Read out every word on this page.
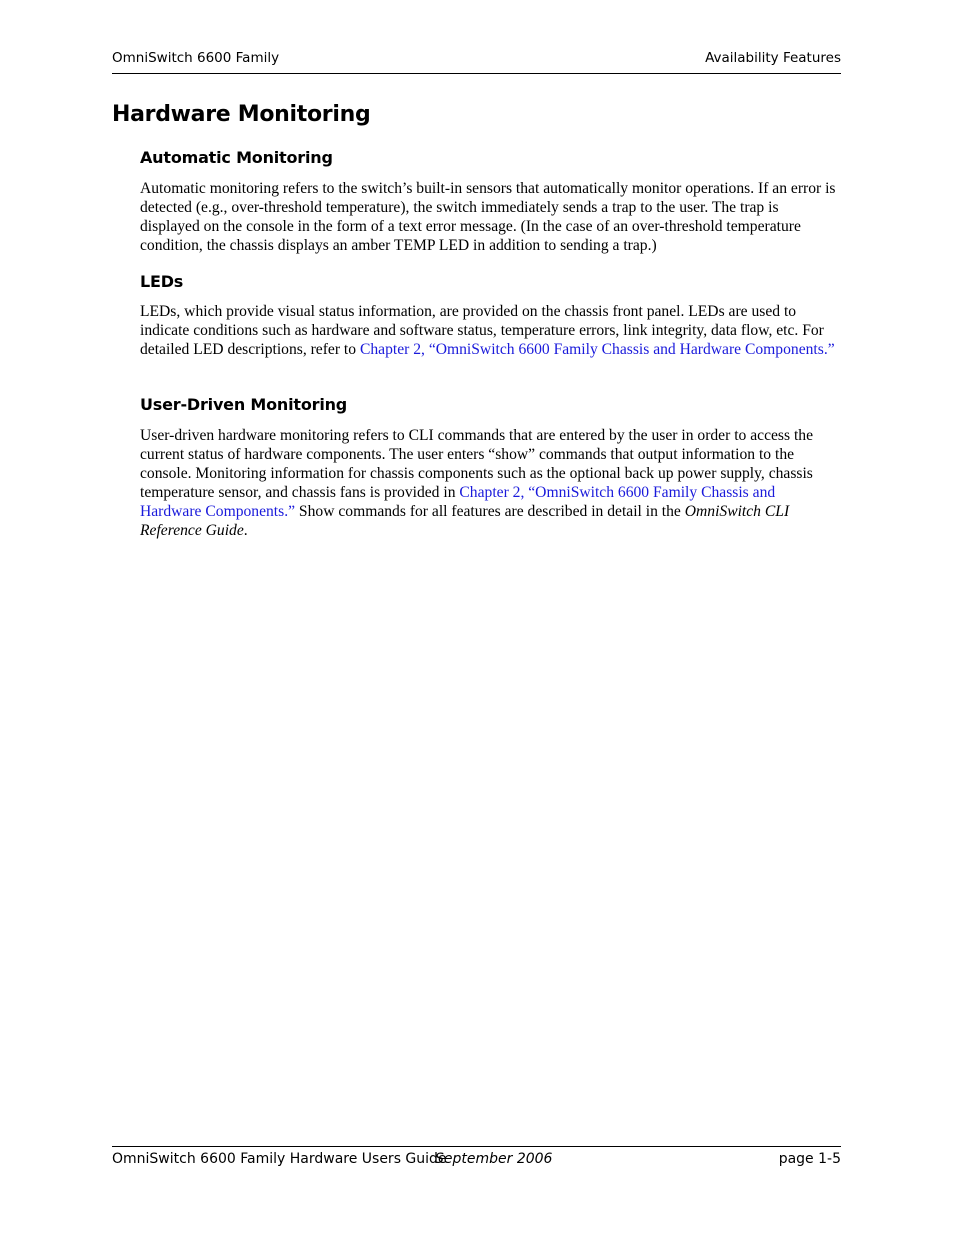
OmniSwitch 6600 Family	Availability Features
Hardware Monitoring
Automatic Monitoring

Automatic monitoring refers to the switch’s built-in sensors that automatically monitor operations. If an error is detected (e.g., over-threshold temperature), the switch immediately sends a trap to the user. The trap is displayed on the console in the form of a text error message. (In the case of an over-threshold temperature condition, the chassis displays an amber TEMP LED in addition to sending a trap.)

LEDs

LEDs, which provide visual status information, are provided on the chassis front panel. LEDs are used to indicate conditions such as hardware and software status, temperature errors, link integrity, data flow, etc. For detailed LED descriptions, refer to Chapter 2, “OmniSwitch 6600 Family Chassis and Hardware Components.”

User-Driven Monitoring

User-driven hardware monitoring refers to CLI commands that are entered by the user in order to access the current status of hardware components. The user enters “show” commands that output information to the console. Monitoring information for chassis components such as the optional back up power supply, chassis temperature sensor, and chassis fans is provided in Chapter 2, “OmniSwitch 6600 Family Chassis and Hardware Components.” Show commands for all features are described in detail in the OmniSwitch CLI Reference Guide.

OmniSwitch 6600 Family Hardware Users Guide
September 2006	page 1-5
